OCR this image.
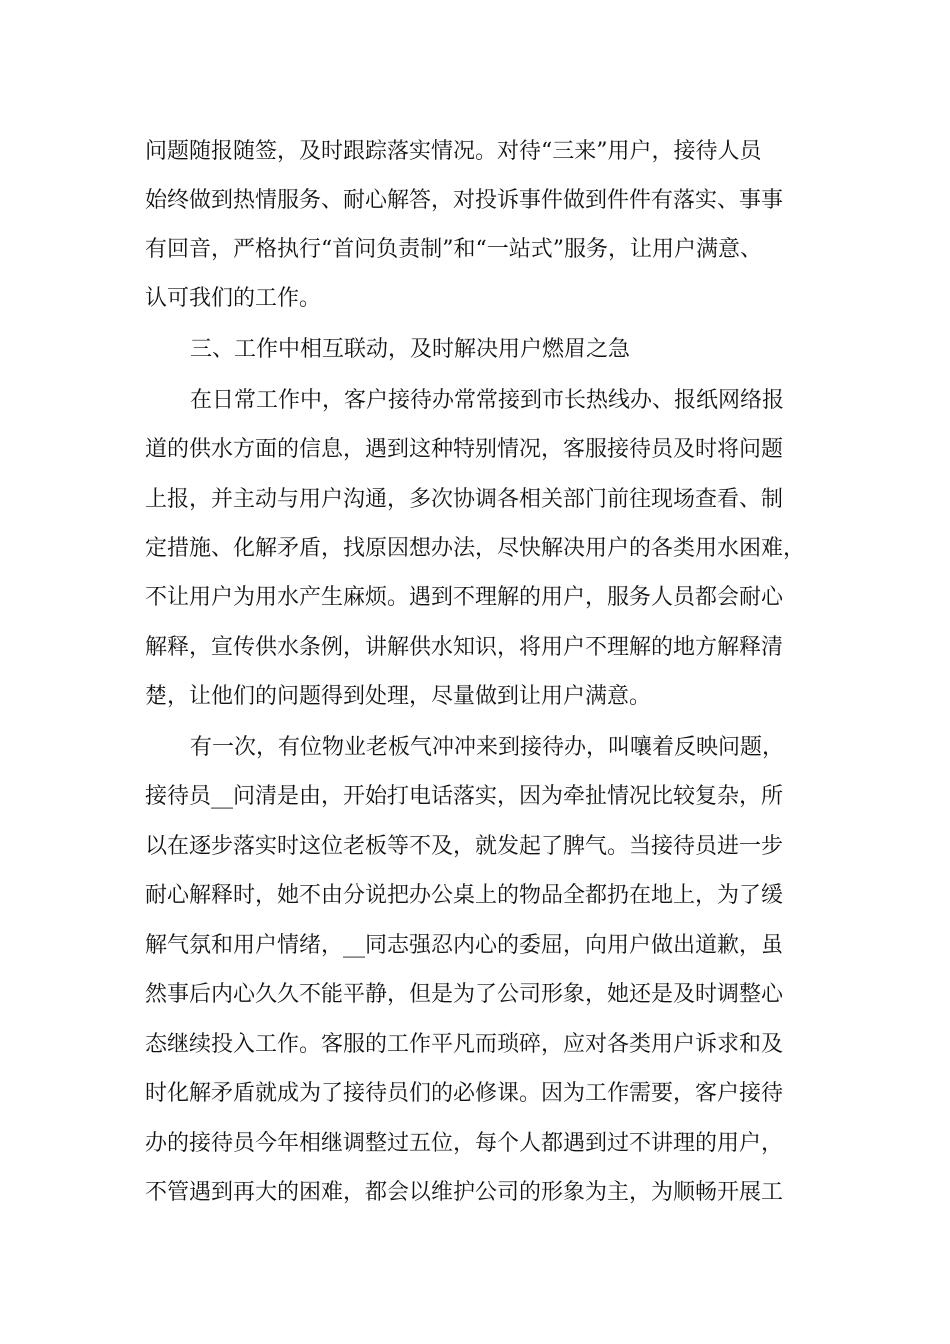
问题随报随签，及时跟踪落实情况。对待“三来”用户，接待人员
始终做到热情服务、耐心解答，对投诉事件做到件件有落实、事事
有回音，严格执行“首问负责制”和“一站式”服务，让用户满意、
认可我们的工作。
三、工作中相互联动，及时解决用户燃眉之急
在日常工作中，客户接待办常常接到市长热线办、报纸网络报
道的供水方面的信息，遇到这种特别情况，客服接待员及时将问题
上报，并主动与用户沟通，多次协调各相关部门前往现场查看、制
定措施、化解矛盾，找原因想办法，尽快解决用户的各类用水困难，
不让用户为用水产生麻烦。遇到不理解的用户，服务人员都会耐心
解释，宣传供水条例，讲解供水知识，将用户不理解的地方解释清
楚，让他们的问题得到处理，尽量做到让用户满意。
有一次，有位物业老板气冲冲来到接待办，叫嚷着反映问题，
接待员__问清是由，开始打电话落实，因为牵扯情况比较复杂，所
以在逐步落实时这位老板等不及，就发起了脾气。当接待员进一步
耐心解释时，她不由分说把办公桌上的物品全都扔在地上，为了缓
解气氛和用户情绪，__同志强忍内心的委屈，向用户做出道歉，虽
然事后内心久久不能平静，但是为了公司形象，她还是及时调整心
态继续投入工作。客服的工作平凡而琐碎，应对各类用户诉求和及
时化解矛盾就成为了接待员们的必修课。因为工作需要，客户接待
办的接待员今年相继调整过五位，每个人都遇到过不讲理的用户，
不管遇到再大的困难，都会以维护公司的形象为主，为顺畅开展工
